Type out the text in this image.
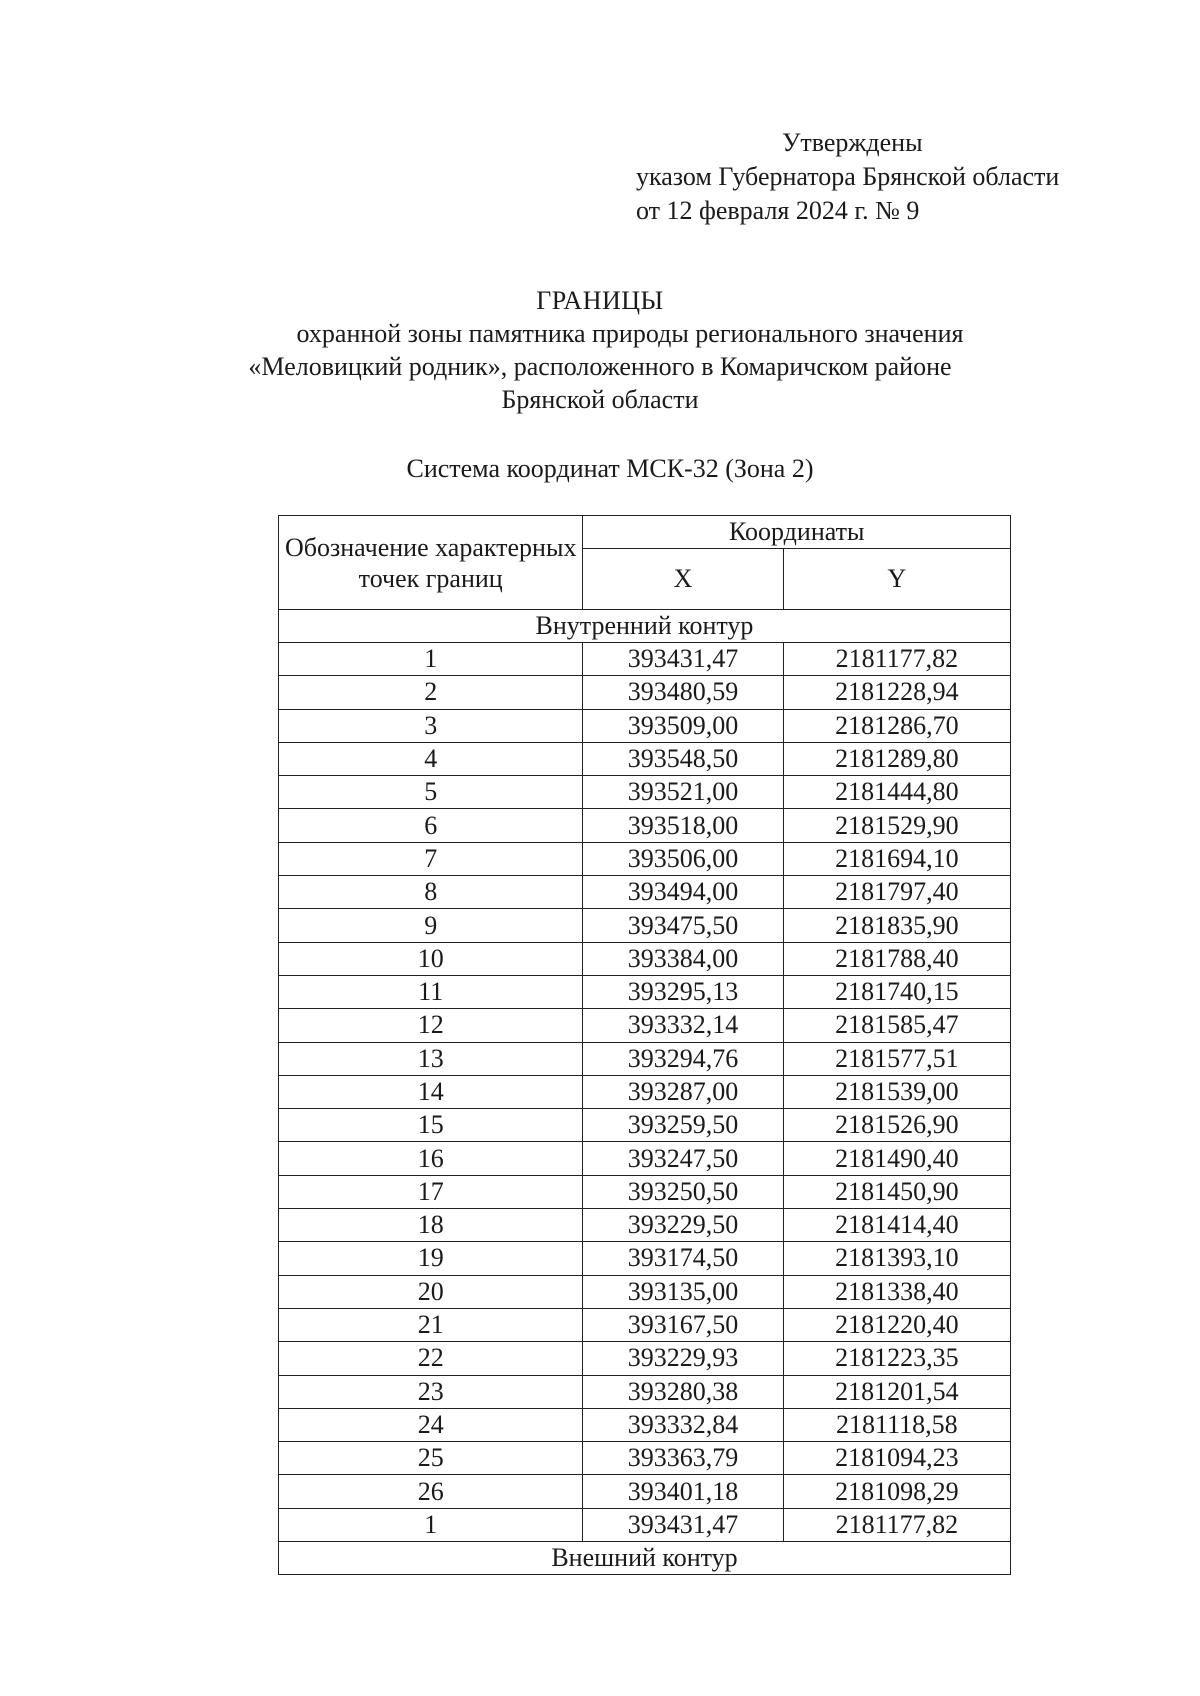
Утверждены
указом Губернатора Брянской области
от 12 февраля 2024 г. № 9
ГРАНИЦЫ
охранной зоны памятника природы регионального значения
«Меловицкий родник», расположенного в Комаричском районе
Брянской области
Система координат МСК-32 (Зона 2)
Обозначение характерных точек границ	Координаты	
	X	Y
Внутренний контур		
1	393431,47	2181177,82
2	393480,59	2181228,94
3	393509,00	2181286,70
4	393548,50	2181289,80
5	393521,00	2181444,80
6	393518,00	2181529,90
7	393506,00	2181694,10
8	393494,00	2181797,40
9	393475,50	2181835,90
10	393384,00	2181788,40
11	393295,13	2181740,15
12	393332,14	2181585,47
13	393294,76	2181577,51
14	393287,00	2181539,00
15	393259,50	2181526,90
16	393247,50	2181490,40
17	393250,50	2181450,90
18	393229,50	2181414,40
19	393174,50	2181393,10
20	393135,00	2181338,40
21	393167,50	2181220,40
22	393229,93	2181223,35
23	393280,38	2181201,54
24	393332,84	2181118,58
25	393363,79	2181094,23
26	393401,18	2181098,29
1	393431,47	2181177,82
Внешний контур		
